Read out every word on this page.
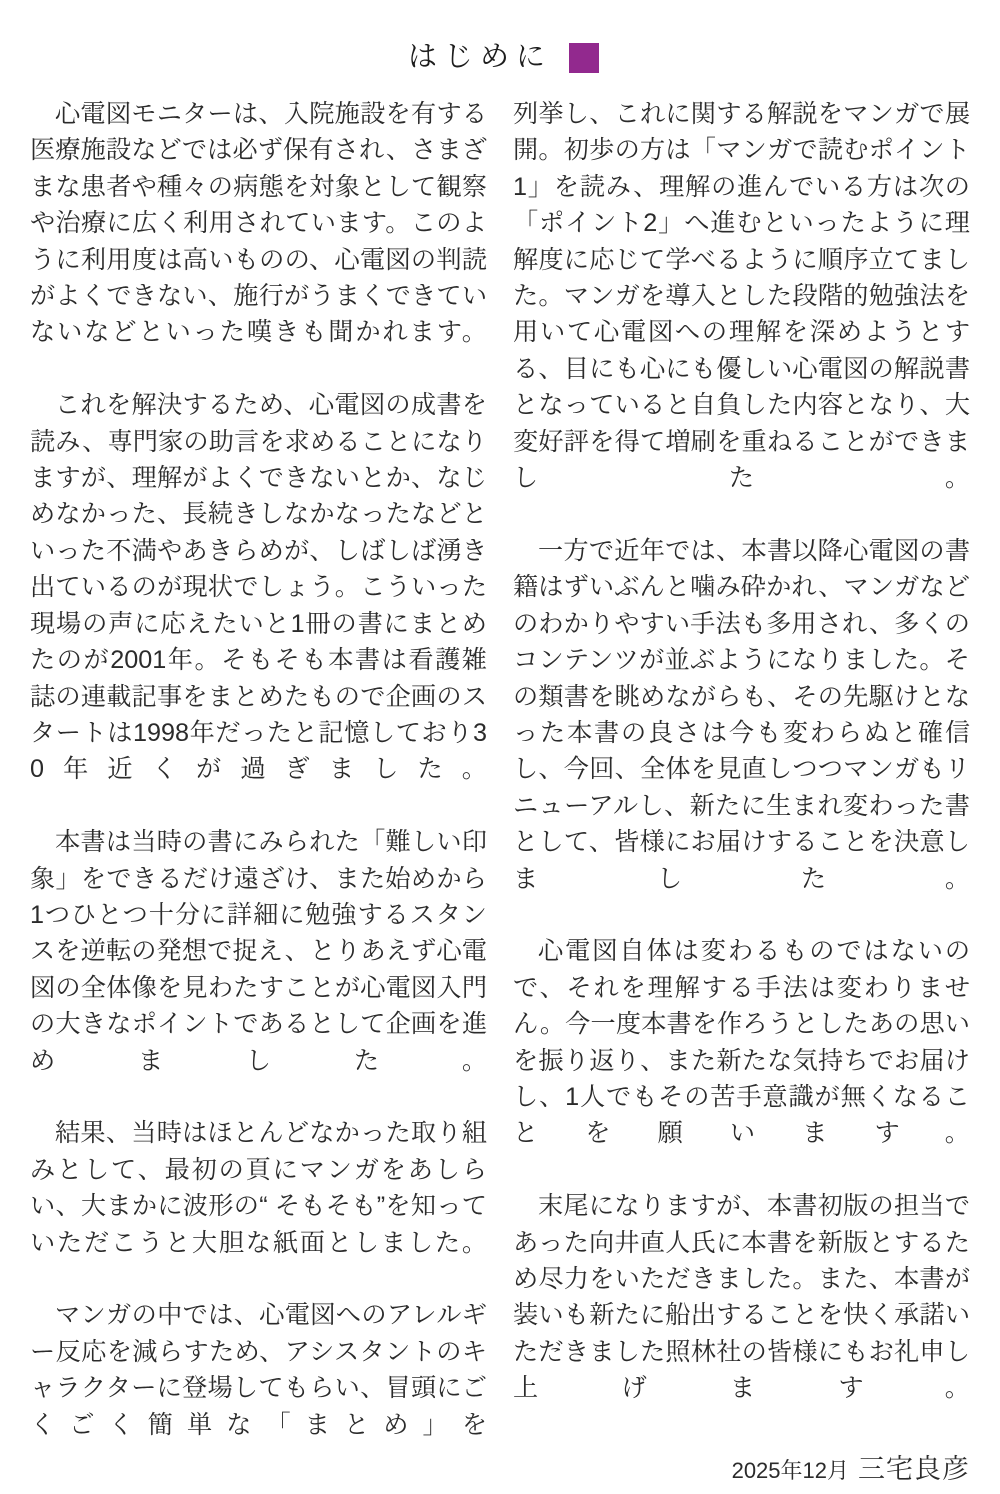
はじめに

心電図モニターは、入院施設を有する医療施設などでは必ず保有され、さまざまな患者や種々の病態を対象として観察や治療に広く利用されています。このように利用度は高いものの、心電図の判読がよくできない、施行がうまくできていないなどといった嘆きも聞かれます。

これを解決するため、心電図の成書を読み、専門家の助言を求めることになりますが、理解がよくできないとか、なじめなかった、長続きしなかなったなどといった不満やあきらめが、しばしば湧き出ているのが現状でしょう。こういった現場の声に応えたいと1冊の書にまとめたのが2001年。そもそも本書は看護雑誌の連載記事をまとめたもので企画のスタートは1998年だったと記憶しており30年近くが過ぎました。

本書は当時の書にみられた「難しい印象」をできるだけ遠ざけ、また始めから1つひとつ十分に詳細に勉強するスタンスを逆転の発想で捉え、とりあえず心電図の全体像を見わたすことが心電図入門の大きなポイントであるとして企画を進めました。

結果、当時はほとんどなかった取り組みとして、最初の頁にマンガをあしらい、大まかに波形の“ そもそも”を知っていただこうと大胆な紙面としました。

マンガの中では、心電図へのアレルギー反応を減らすため、アシスタントのキャラクターに登場してもらい、冒頭にごくごく簡単な「まとめ」を

列挙し、これに関する解説をマンガで展開。初歩の方は「マンガで読むポイント1」を読み、理解の進んでいる方は次の「ポイント2」へ進むといったように理解度に応じて学べるように順序立てました。マンガを導入とした段階的勉強法を用いて心電図への理解を深めようとする、目にも心にも優しい心電図の解説書となっていると自負した内容となり、大変好評を得て増刷を重ねることができました。

一方で近年では、本書以降心電図の書籍はずいぶんと噛み砕かれ、マンガなどのわかりやすい手法も多用され、多くのコンテンツが並ぶようになりました。その類書を眺めながらも、その先駆けとなった本書の良さは今も変わらぬと確信し、今回、全体を見直しつつマンガもリニューアルし、新たに生まれ変わった書として、皆様にお届けすることを決意しました。

心電図自体は変わるものではないので、それを理解する手法は変わりません。今一度本書を作ろうとしたあの思いを振り返り、また新たな気持ちでお届けし、1人でもその苦手意識が無くなることを願います。

末尾になりますが、本書初版の担当であった向井直人氏に本書を新版とするため尽力をいただきました。また、本書が装いも新たに船出することを快く承諾いただきました照林社の皆様にもお礼申し上げます。

2025年12月 三宅良彦
